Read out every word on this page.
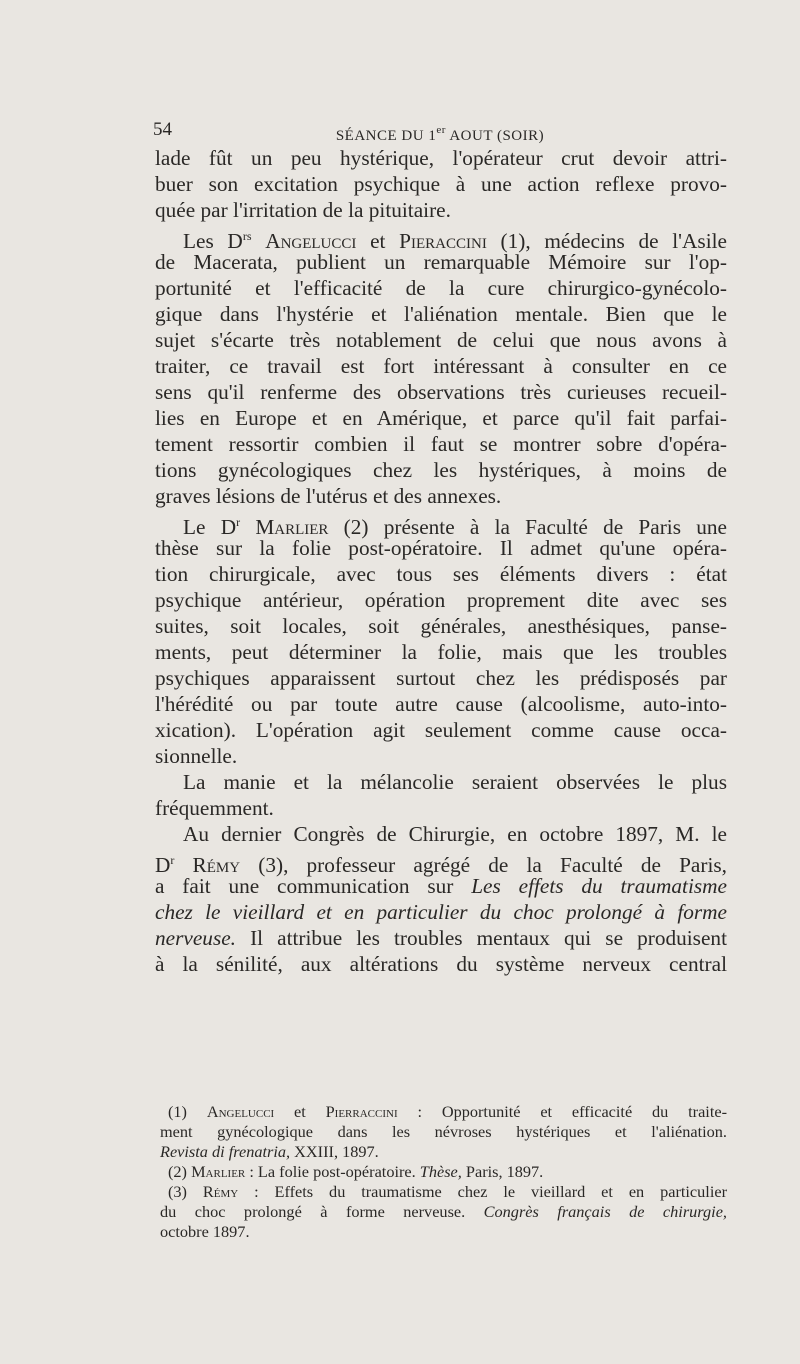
54	SÉANCE DU 1er AOUT (SOIR)
lade fût un peu hystérique, l'opérateur crut devoir attri-
buer son excitation psychique à une action reflexe provo-
quée par l'irritation de la pituitaire.
Les $D^{rs}$ Angelucci et Pieraccini (1), médecins de l'Asile
de Macerata, publient un remarquable Mémoire sur l'op-
portunité et l'efficacité de la cure chirurgico-gynécolo-
gique dans l'hystérie et l'aliénation mentale. Bien que le
sujet s'écarte très notablement de celui que nous avons à
traiter, ce travail est fort intéressant à consulter en ce
sens qu'il renferme des observations très curieuses recueil-
lies en Europe et en Amérique, et parce qu'il fait parfai-
tement ressortir combien il faut se montrer sobre d'opéra-
tions gynécologiques chez les hystériques, à moins de
graves lésions de l'utérus et des annexes.
Le $D^r$ Marlier (2) présente à la Faculté de Paris une
thèse sur la folie post-opératoire. Il admet qu'une opéra-
tion chirurgicale, avec tous ses éléments divers : état
psychique antérieur, opération proprement dite avec ses
suites, soit locales, soit générales, anesthésiques, panse-
ments, peut déterminer la folie, mais que les troubles
psychiques apparaissent surtout chez les prédisposés par
l'hérédité ou par toute autre cause (alcoolisme, auto-into-
xication). L'opération agit seulement comme cause occa-
sionnelle.
La manie et la mélancolie seraient observées le plus
fréquemment.
Au dernier Congrès de Chirurgie, en octobre 1897, M. le
$D^r$ Rémy (3), professeur agrégé de la Faculté de Paris,
a fait une communication sur Les effets du traumatisme
chez le vieillard et en particulier du choc prolongé à forme
nerveuse. Il attribue les troubles mentaux qui se produisent
à la sénilité, aux altérations du système nerveux central
(1) Angelucci et Pierraccini : Opportunité et efficacité du traite-
ment gynécologique dans les névroses hystériques et l'aliénation.
Revista di frenatria, XXIII, 1897.
(2) Marlier : La folie post-opératoire. Thèse, Paris, 1897.
(3) Rémy : Effets du traumatisme chez le vieillard et en particulier
du choc prolongé à forme nerveuse. Congrès français de chirurgie,
octobre 1897.
